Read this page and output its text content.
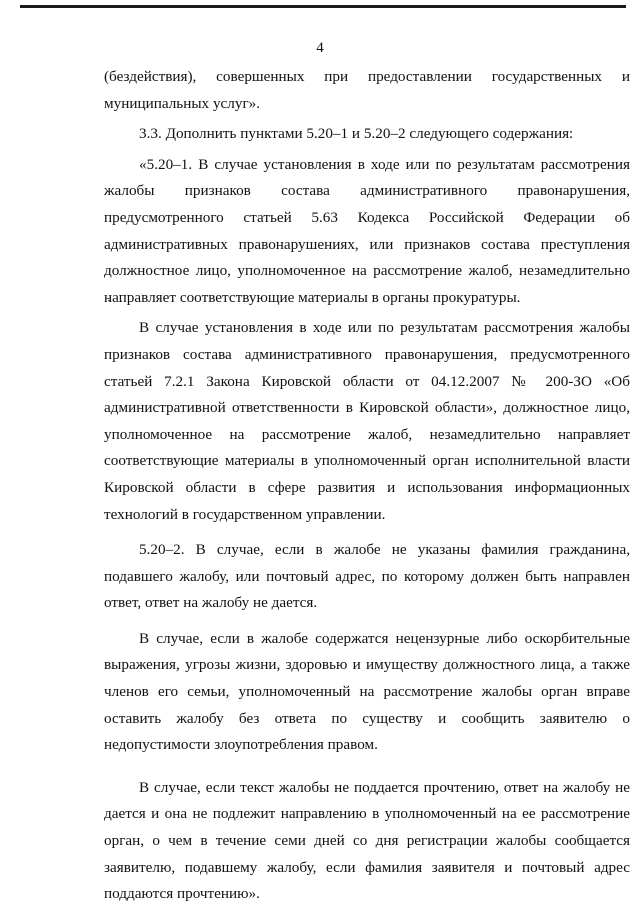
4

(бездействия), совершенных при предоставлении государственных и муниципальных услуг».

3.3. Дополнить пунктами 5.20–1 и 5.20–2 следующего содержания:

«5.20–1. В случае установления в ходе или по результатам рассмотрения жалобы признаков состава административного правонарушения, предусмотренного статьей 5.63 Кодекса Российской Федерации об административных правонарушениях, или признаков состава преступления должностное лицо, уполномоченное на рассмотрение жалоб, незамедлительно направляет соответствующие материалы в органы прокуратуры.

В случае установления в ходе или по результатам рассмотрения жалобы признаков состава административного правонарушения, предусмотренного статьей 7.2.1 Закона Кировской области от 04.12.2007 № 200-ЗО «Об административной ответственности в Кировской области», должностное лицо, уполномоченное на рассмотрение жалоб, незамедлительно направляет соответствующие материалы в уполномоченный орган исполнительной власти Кировской области в сфере развития и использования информационных технологий в государственном управлении.

5.20–2. В случае, если в жалобе не указаны фамилия гражданина, подавшего жалобу, или почтовый адрес, по которому должен быть направлен ответ, ответ на жалобу не дается.

В случае, если в жалобе содержатся нецензурные либо оскорбительные выражения, угрозы жизни, здоровью и имуществу должностного лица, а также членов его семьи, уполномоченный на рассмотрение жалобы орган вправе оставить жалобу без ответа по существу и сообщить заявителю о недопустимости злоупотребления правом.

В случае, если текст жалобы не поддается прочтению, ответ на жалобу не дается и она не подлежит направлению в уполномоченный на ее рассмотрение орган, о чем в течение семи дней со дня регистрации жалобы сообщается заявителю, подавшему жалобу, если фамилия заявителя и почтовый адрес поддаются прочтению».
